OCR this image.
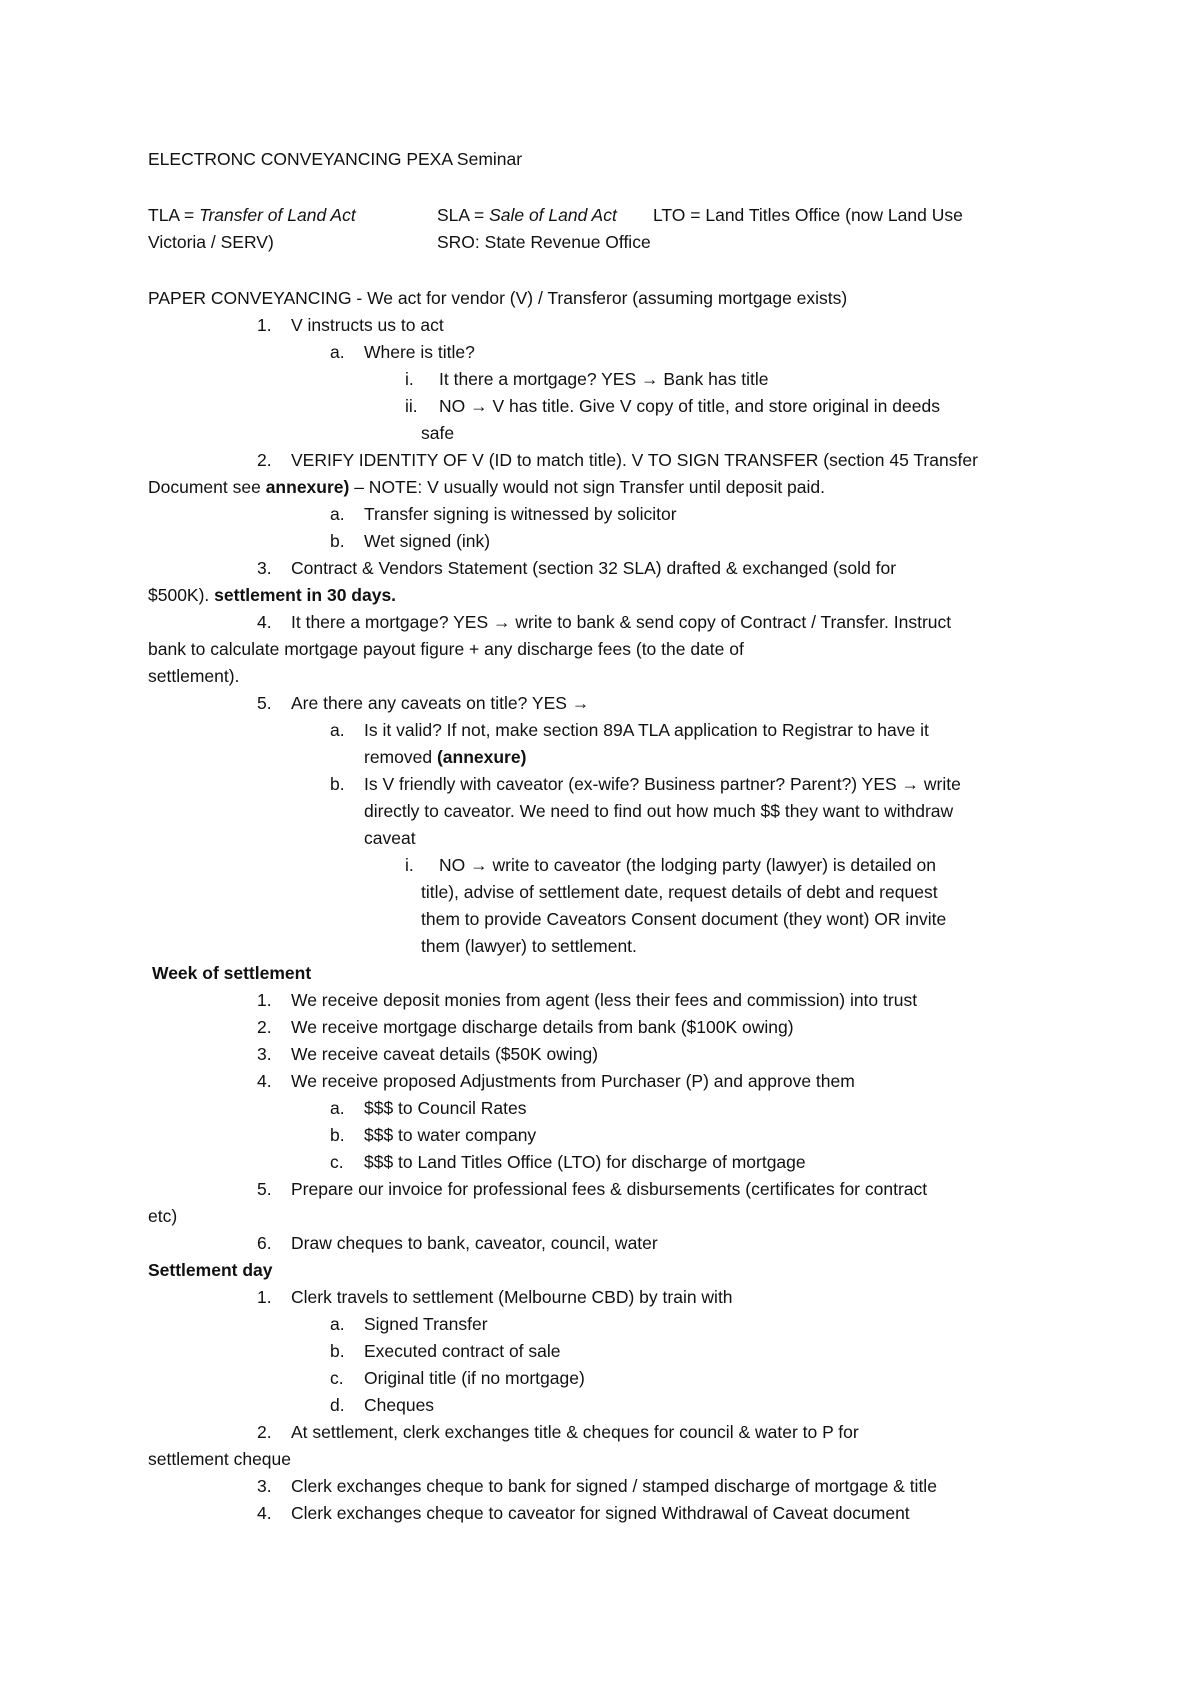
ELECTRONC CONVEYANCING PEXA Seminar
TLA = Transfer of Land Act	SLA = Sale of Land Act LTO = Land Titles Office (now Land Use
Victoria / SERV)	SRO: State Revenue Office
PAPER CONVEYANCING - We act for vendor (V) / Transferor (assuming mortgage exists)
1. V instructs us to act
a. Where is title?
i. It there a mortgage? YES → Bank has title
ii. NO → V has title. Give V copy of title, and store original in deeds
safe
2. VERIFY IDENTITY OF V (ID to match title). V TO SIGN TRANSFER (section 45 Transfer
Document see annexure) – NOTE: V usually would not sign Transfer until deposit paid.
a. Transfer signing is witnessed by solicitor
b. Wet signed (ink)
3. Contract & Vendors Statement (section 32 SLA) drafted & exchanged (sold for
$500K). settlement in 30 days.
4. It there a mortgage? YES → write to bank & send copy of Contract / Transfer. Instruct
bank to calculate mortgage payout figure + any discharge fees (to the date of
settlement).
5. Are there any caveats on title? YES →
a. Is it valid? If not, make section 89A TLA application to Registrar to have it
removed (annexure)
b. Is V friendly with caveator (ex-wife? Business partner? Parent?) YES → write
directly to caveator. We need to find out how much $$ they want to withdraw
caveat
i. NO → write to caveator (the lodging party (lawyer) is detailed on
title), advise of settlement date, request details of debt and request
them to provide Caveators Consent document (they wont) OR invite
them (lawyer) to settlement.
Week of settlement
1. We receive deposit monies from agent (less their fees and commission) into trust
2. We receive mortgage discharge details from bank ($100K owing)
3. We receive caveat details ($50K owing)
4. We receive proposed Adjustments from Purchaser (P) and approve them
a. $$$ to Council Rates
b. $$$ to water company
c. $$$ to Land Titles Office (LTO) for discharge of mortgage
5. Prepare our invoice for professional fees & disbursements (certificates for contract
etc)
6. Draw cheques to bank, caveator, council, water
Settlement day
1. Clerk travels to settlement (Melbourne CBD) by train with
a. Signed Transfer
b. Executed contract of sale
c. Original title (if no mortgage)
d. Cheques
2. At settlement, clerk exchanges title & cheques for council & water to P for
settlement cheque
3. Clerk exchanges cheque to bank for signed / stamped discharge of mortgage & title
4. Clerk exchanges cheque to caveator for signed Withdrawal of Caveat document
